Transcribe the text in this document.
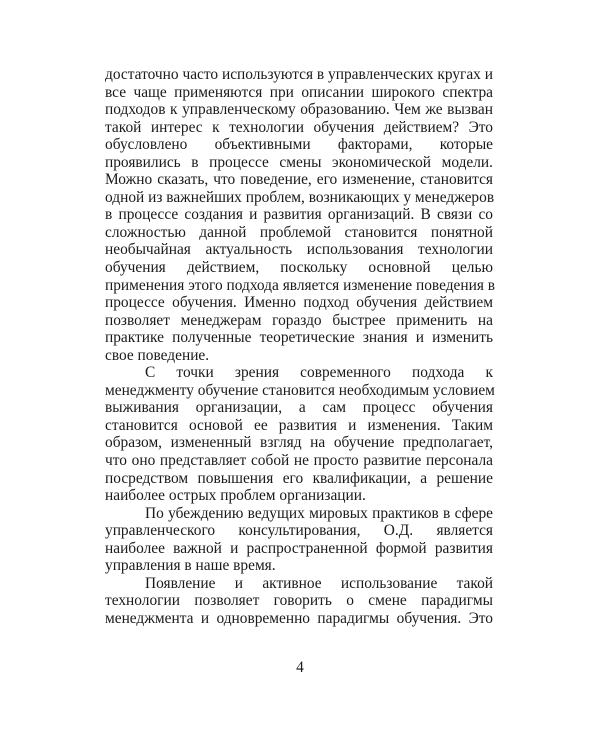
достаточно часто используются в управленческих кругах и
все чаще применяются при описании широкого спектра
подходов к управленческому образованию. Чем же вызван
такой интерес к технологии обучения действием? Это
обусловлено объективными факторами, которые
проявились в процессе смены экономической модели.
Можно сказать, что поведение, его изменение, становится
одной из важнейших проблем, возникающих у менеджеров
в процессе создания и развития организаций. В связи со
сложностью данной проблемой становится понятной
необычайная актуальность использования технологии
обучения действием, поскольку основной целью
применения этого подхода является изменение поведения в
процессе обучения. Именно подход обучения действием
позволяет менеджерам гораздо быстрее применить на
практике полученные теоретические знания и изменить
свое поведение.
С точки зрения современного подхода к
менеджменту обучение становится необходимым условием
выживания организации, а сам процесс обучения
становится основой ее развития и изменения. Таким
образом, измененный взгляд на обучение предполагает,
что оно представляет собой не просто развитие персонала
посредством повышения его квалификации, а решение
наиболее острых проблем организации.
По убеждению ведущих мировых практиков в сфере
управленческого консультирования, О.Д. является
наиболее важной и распространенной формой развития
управления в наше время.
Появление и активное использование такой
технологии позволяет говорить о смене парадигмы
менеджмента и одновременно парадигмы обучения. Это
4
